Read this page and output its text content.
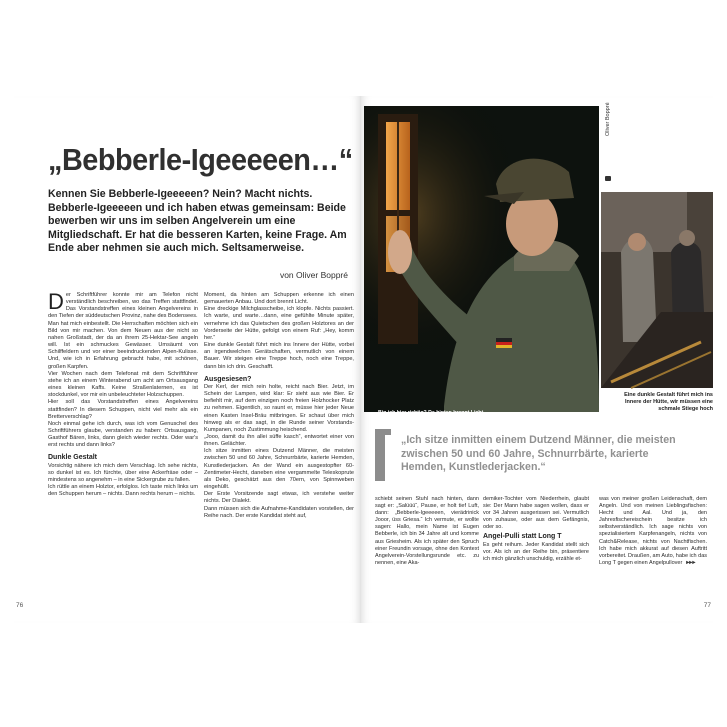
„Bebberle-Igeeeeen…“

Kennen Sie Bebberle-Igeeeeen? Nein? Macht nichts. Bebberle-Igeeeeen und ich haben etwas gemeinsam: Beide bewerben wir uns im selben Angelverein um eine Mitgliedschaft. Er hat die besseren Karten, keine Frage. Am Ende aber nehmen sie auch mich. Seltsamerweise.

von Oliver Boppré

Der Schriftführer konnte mir am Telefon nicht verständlich beschreiben, wo das Treffen stattfindet. Das Vorstandstreffen eines kleinen Angelvereins in den Tiefen der süddeutschen Provinz, nahe des Bodensees.

Man hat mich einbestellt. Die Herrschaften möchten sich ein Bild von mir machen. Von dem Neuen aus der nicht so nahen Großstadt, der da an ihrem 25-Hektar-See angeln will. Ist ein schmuckes Gewässer. Umsäumt von Schilffeldern und vor einer beeindruckenden Alpen-Kulisse. Und, wie ich in Erfahrung gebracht habe, mit schönen, großen Karpfen.

Vier Wochen nach dem Telefonat mit dem Schriftführer stehe ich an einem Winterabend um acht am Ortsausgang eines kleinen Kaffs. Keine Straßenlaternen, es ist stockdunkel, vor mir ein unbeleuchteter Holzschuppen.

Hier soll das Vorstandstreffen eines Angelvereins stattfinden? In diesem Schuppen, nicht viel mehr als ein Bretterverschlag?

Noch einmal gehe ich durch, was ich vom Genuschel des Schriftführers glaube, verstanden zu haben: Ortsausgang, Gasthof Bären, links, dann gleich wieder rechts. Oder war's erst rechts und dann links?

Dunkle Gestalt

Vorsichtig nähere ich mich dem Verschlag. Ich sehe nichts, so dunkel ist es. Ich fürchte, über eine Ackerfräse oder – mindestens so angenehm – in eine Sickergrube zu fallen.

Ich rüttle an einem Holztor, erfolglos. Ich taste mich links um den Schuppen herum – nichts. Dann rechts herum – nichts.

Moment, da hinten am Schuppen erkenne ich einen gemauerten Anbau. Und dort brennt Licht.

Eine dreckige Milchglasscheibe, ich klopfe. Nichts passiert. Ich warte, und warte…dann, eine gefühlte Minute später, vernehme ich das Quietschen des großen Holztores an der Vorderseite der Hütte, gefolgt von einem Ruf: „Hey, komm her.“

Eine dunkle Gestalt führt mich ins Innere der Hütte, vorbei an irgendwelchen Gerätschaften, vermutlich von einem Bauer. Wir steigen eine Treppe hoch, noch eine Treppe, dann bin ich drin. Geschafft.

Ausgesiesen?

Der Kerl, der mich rein holte, reicht nach Bier. Jetzt, im Schein der Lampen, wird klar: Er sieht aus wie Bier. Er befiehlt mir, auf dem einzigen noch freien Holzhocker Platz zu nehmen. Eigentlich, so raunt er, müsse hier jeder Neue einen Kasten Insel-Bräu mitbringen. Er schaut über mich hinweg als er das sagt, in die Runde seiner Vorstands-Kumpanen, noch Zustimmung heischend.

„Jooo, damit du ihn allei süffe kasch“, entwortet einer von ihnen. Gelächter.

Ich sitze inmitten eines Dutzend Männer, die meisten zwischen 50 und 60 Jahre, Schnurrbärte, karierte Hemden, Kunstlederjacken. An der Wand ein ausgestopfter 60-Zentimeter-Hecht, daneben eine vergammelte Teleskoprute als Deko, geschätzt aus den 70ern, von Spinnweben eingehüllt.

Der Erste Vorsitzende sagt etwas, ich verstehe weiter nichts. Der Dialekt.

Dann müssen sich die Aufnahme-Kandidaten vorstellen, der Reihe nach. Der erste Kandidat steht auf,

76
Bin ich hier richtig? Da hinten brennt Licht…
Oliver Boppré
Eine dunkle Gestalt führt mich ins Innere der Hütte, wir müssen eine schmale Stiege hoch

„Ich sitze inmitten einem Dutzend Männer, die meisten zwischen 50 und 60 Jahre, Schnurrbärte, karierte Hemden, Kunstlederjacken.“

schiebt seinen Stuhl nach hinten, dann sagt er: „Salüüü“, Pause, er holt tief Luft, dann: „Bebberle-Igeeeeen, vierädrinick Jooor, üss Griesa.“ Ich vermute, er wollte sagen: Hallo, mein Name ist Eugen Bebberle, ich bin 34 Jahre alt und komme aus Griesheim. Als ich später den Spruch einer Freundin vorsage, ohne den Kontext Angelverein-Vorstellungsrunde etc. zu nennen, eine Aka-

demiker-Tochter vom Niederrhein, glaubt sie: Der Mann habe sagen wollen, dass er vor 34 Jahren ausgerissen sei. Vermutlich von zuhause, oder aus dem Gefängnis, oder so.

Angel-Pulli statt Long T

Es geht reihum. Jeder Kandidat stellt sich vor. Als ich an der Reihe bin, präsentiere ich mich gänzlich unschuldig, erzähle et-

was von meiner großen Leidenschaft, dem Angeln. Und von meinen Lieblingsfischen: Hecht und Aal. Und ja, den Jahresfischereischein besitze ich selbstverständlich. Ich sage nichts von spezialisiertem Karpfenangeln, nichts von Catch&Release, nichts von Nachtfischen. Ich habe mich akkurat auf diesen Auftritt vorbereitet. Draußen, am Auto, habe ich das Long T gegen einen Angelpullover ▸▸▸

77
